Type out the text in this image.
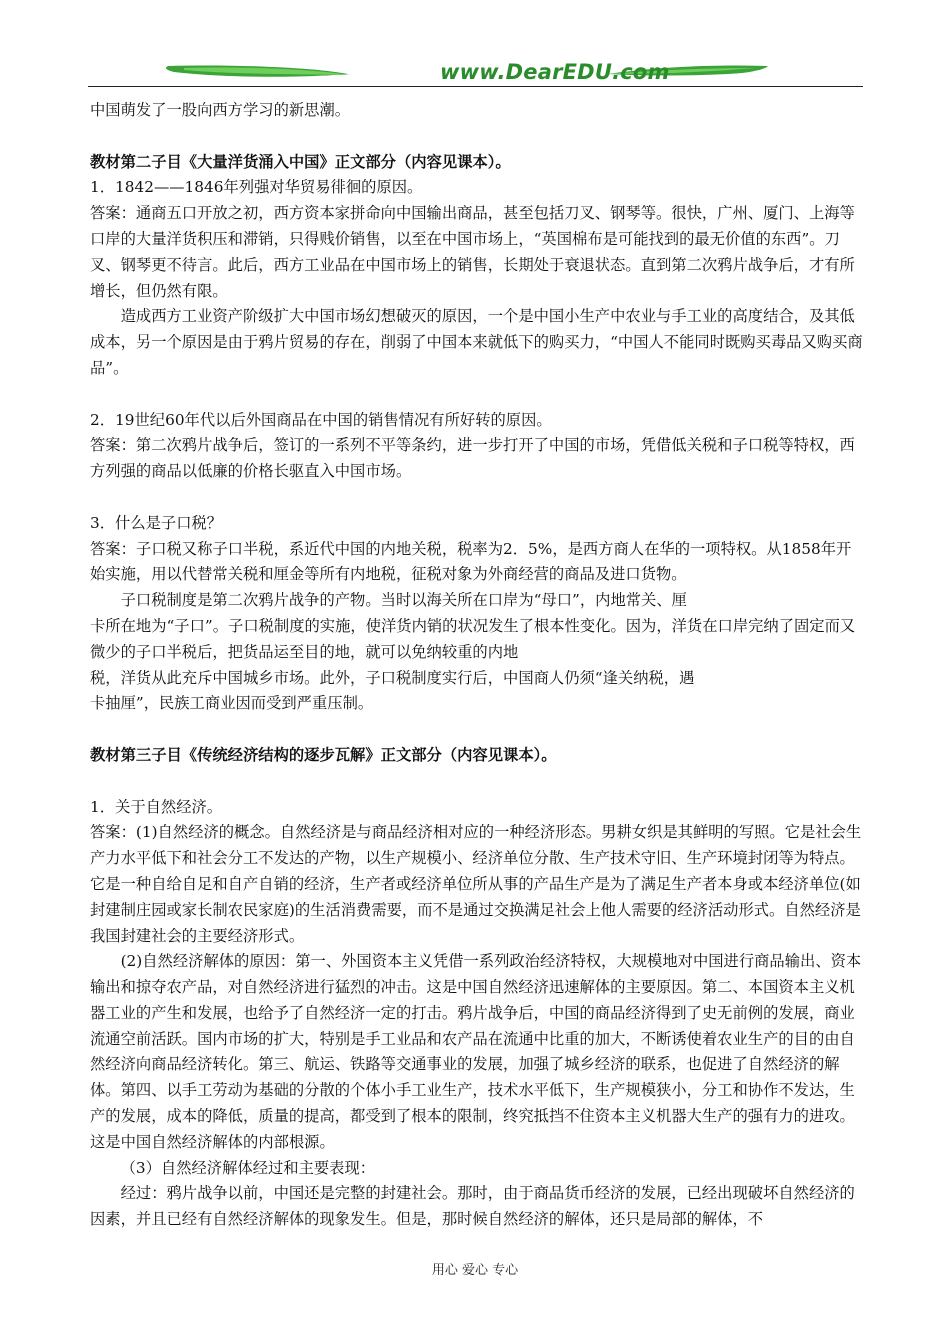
www.DearEDU.com

中国萌发了一股向西方学习的新思潮。

教材第二子目《大量洋货涌入中国》正文部分（内容见课本）。

1．1842——1846年列强对华贸易徘徊的原因。

答案：通商五口开放之初，西方资本家拼命向中国输出商品，甚至包括刀叉、钢琴等。很快，广州、厦门、上海等口岸的大量洋货积压和滞销，只得贱价销售，以至在中国市场上，“英国棉布是可能找到的最无价值的东西”。刀叉、钢琴更不待言。此后，西方工业品在中国市场上的销售，长期处于衰退状态。直到第二次鸦片战争后，才有所增长，但仍然有限。

造成西方工业资产阶级扩大中国市场幻想破灭的原因，一个是中国小生产中农业与手工业的高度结合，及其低成本，另一个原因是由于鸦片贸易的存在，削弱了中国本来就低下的购买力，“中国人不能同时既购买毒品又购买商品”。

2．19世纪60年代以后外国商品在中国的销售情况有所好转的原因。

答案：第二次鸦片战争后，签订的一系列不平等条约，进一步打开了中国的市场，凭借低关税和子口税等特权，西方列强的商品以低廉的价格长驱直入中国市场。

3．什么是子口税？

答案：子口税又称子口半税，系近代中国的内地关税，税率为2．5%，是西方商人在华的一项特权。从1858年开始实施，用以代替常关税和厘金等所有内地税，征税对象为外商经营的商品及进口货物。

子口税制度是第二次鸦片战争的产物。当时以海关所在口岸为“母口”，内地常关、厘

卡所在地为“子口”。子口税制度的实施，使洋货内销的状况发生了根本性变化。因为，洋货在口岸完纳了固定而又微少的子口半税后，把货品运至目的地，就可以免纳较重的内地

税，洋货从此充斥中国城乡市场。此外，子口税制度实行后，中国商人仍须“逢关纳税，遇

卡抽厘”，民族工商业因而受到严重压制。

教材第三子目《传统经济结构的逐步瓦解》正文部分（内容见课本）。

1．关于自然经济。

答案：(1)自然经济的概念。自然经济是与商品经济相对应的一种经济形态。男耕女织是其鲜明的写照。它是社会生产力水平低下和社会分工不发达的产物，以生产规模小、经济单位分散、生产技术守旧、生产环境封闭等为特点。它是一种自给自足和自产自销的经济，生产者或经济单位所从事的产品生产是为了满足生产者本身或本经济单位(如封建制庄园或家长制农民家庭)的生活消费需要，而不是通过交换满足社会上他人需要的经济活动形式。自然经济是我国封建社会的主要经济形式。

(2)自然经济解体的原因：第一、外国资本主义凭借一系列政治经济特权，大规模地对中国进行商品输出、资本输出和掠夺农产品，对自然经济进行猛烈的冲击。这是中国自然经济迅速解体的主要原因。第二、本国资本主义机器工业的产生和发展，也给予了自然经济一定的打击。鸦片战争后，中国的商品经济得到了史无前例的发展，商业流通空前活跃。国内市场的扩大，特别是手工业品和农产品在流通中比重的加大，不断诱使着农业生产的目的由自然经济向商品经济转化。第三、航运、铁路等交通事业的发展，加强了城乡经济的联系，也促进了自然经济的解体。第四、以手工劳动为基础的分散的个体小手工业生产，技术水平低下，生产规模狭小，分工和协作不发达，生产的发展，成本的降低，质量的提高，都受到了根本的限制，终究抵挡不住资本主义机器大生产的强有力的进攻。这是中国自然经济解体的内部根源。

（3）自然经济解体经过和主要表现：

经过：鸦片战争以前，中国还是完整的封建社会。那时，由于商品货币经济的发展，已经出现破坏自然经济的因素，并且已经有自然经济解体的现象发生。但是，那时候自然经济的解体，还只是局部的解体，不

用心 爱心 专心
